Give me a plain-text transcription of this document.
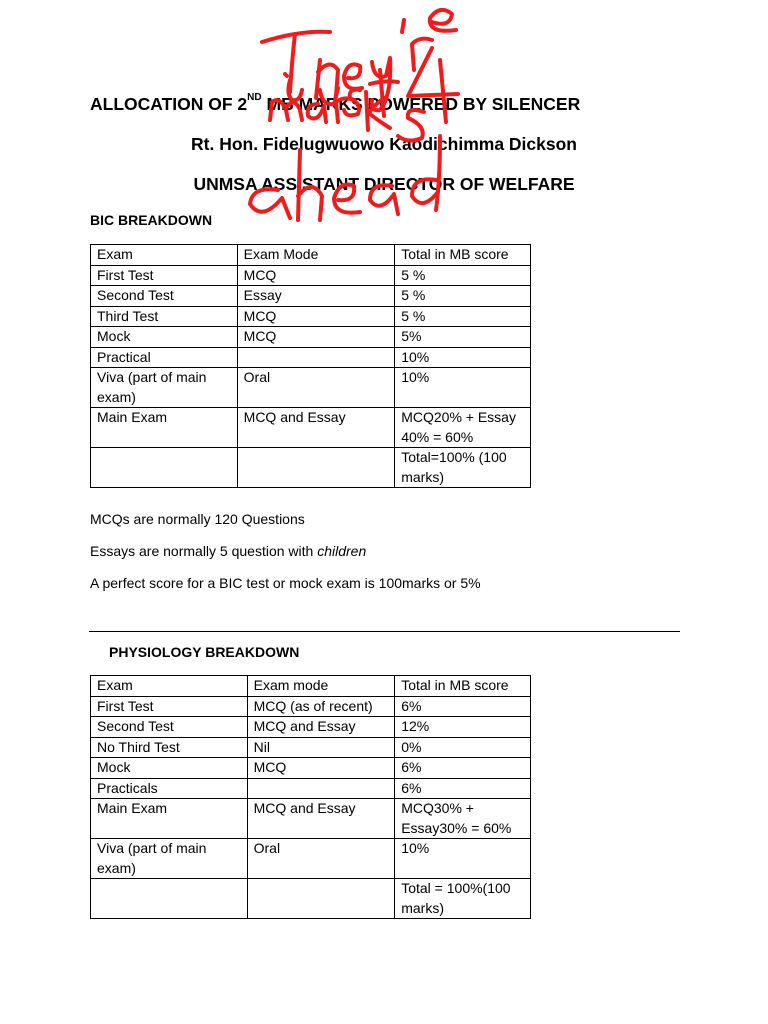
ALLOCATION OF 2ND MB MARKS POWERED BY SILENCER
Rt. Hon. Fidelugwuowo Kaodichimma Dickson
UNMSA ASSISTANT DIRECTOR OF WELFARE
BIC BREAKDOWN
Exam	Exam Mode	Total in MB score
First Test	MCQ	5 %
Second Test	Essay	5 %
Third Test	MCQ	5 %
Mock	MCQ	5%
Practical		10%
Viva (part of main exam)	Oral	10%
Main Exam	MCQ and Essay	MCQ20% + Essay 40% = 60%
		Total=100% (100 marks)
MCQs are normally 120 Questions
Essays are normally 5 question with children
A perfect score for a BIC test or mock exam is 100marks or 5%
PHYSIOLOGY BREAKDOWN
Exam	Exam mode	Total in MB score
First Test	MCQ (as of recent)	6%
Second Test	MCQ and Essay	12%
No Third Test	Nil	0%
Mock	MCQ	6%
Practicals		6%
Main Exam	MCQ and Essay	MCQ30% + Essay30% = 60%
Viva (part of main exam)	Oral	10%
		Total = 100%(100 marks)
